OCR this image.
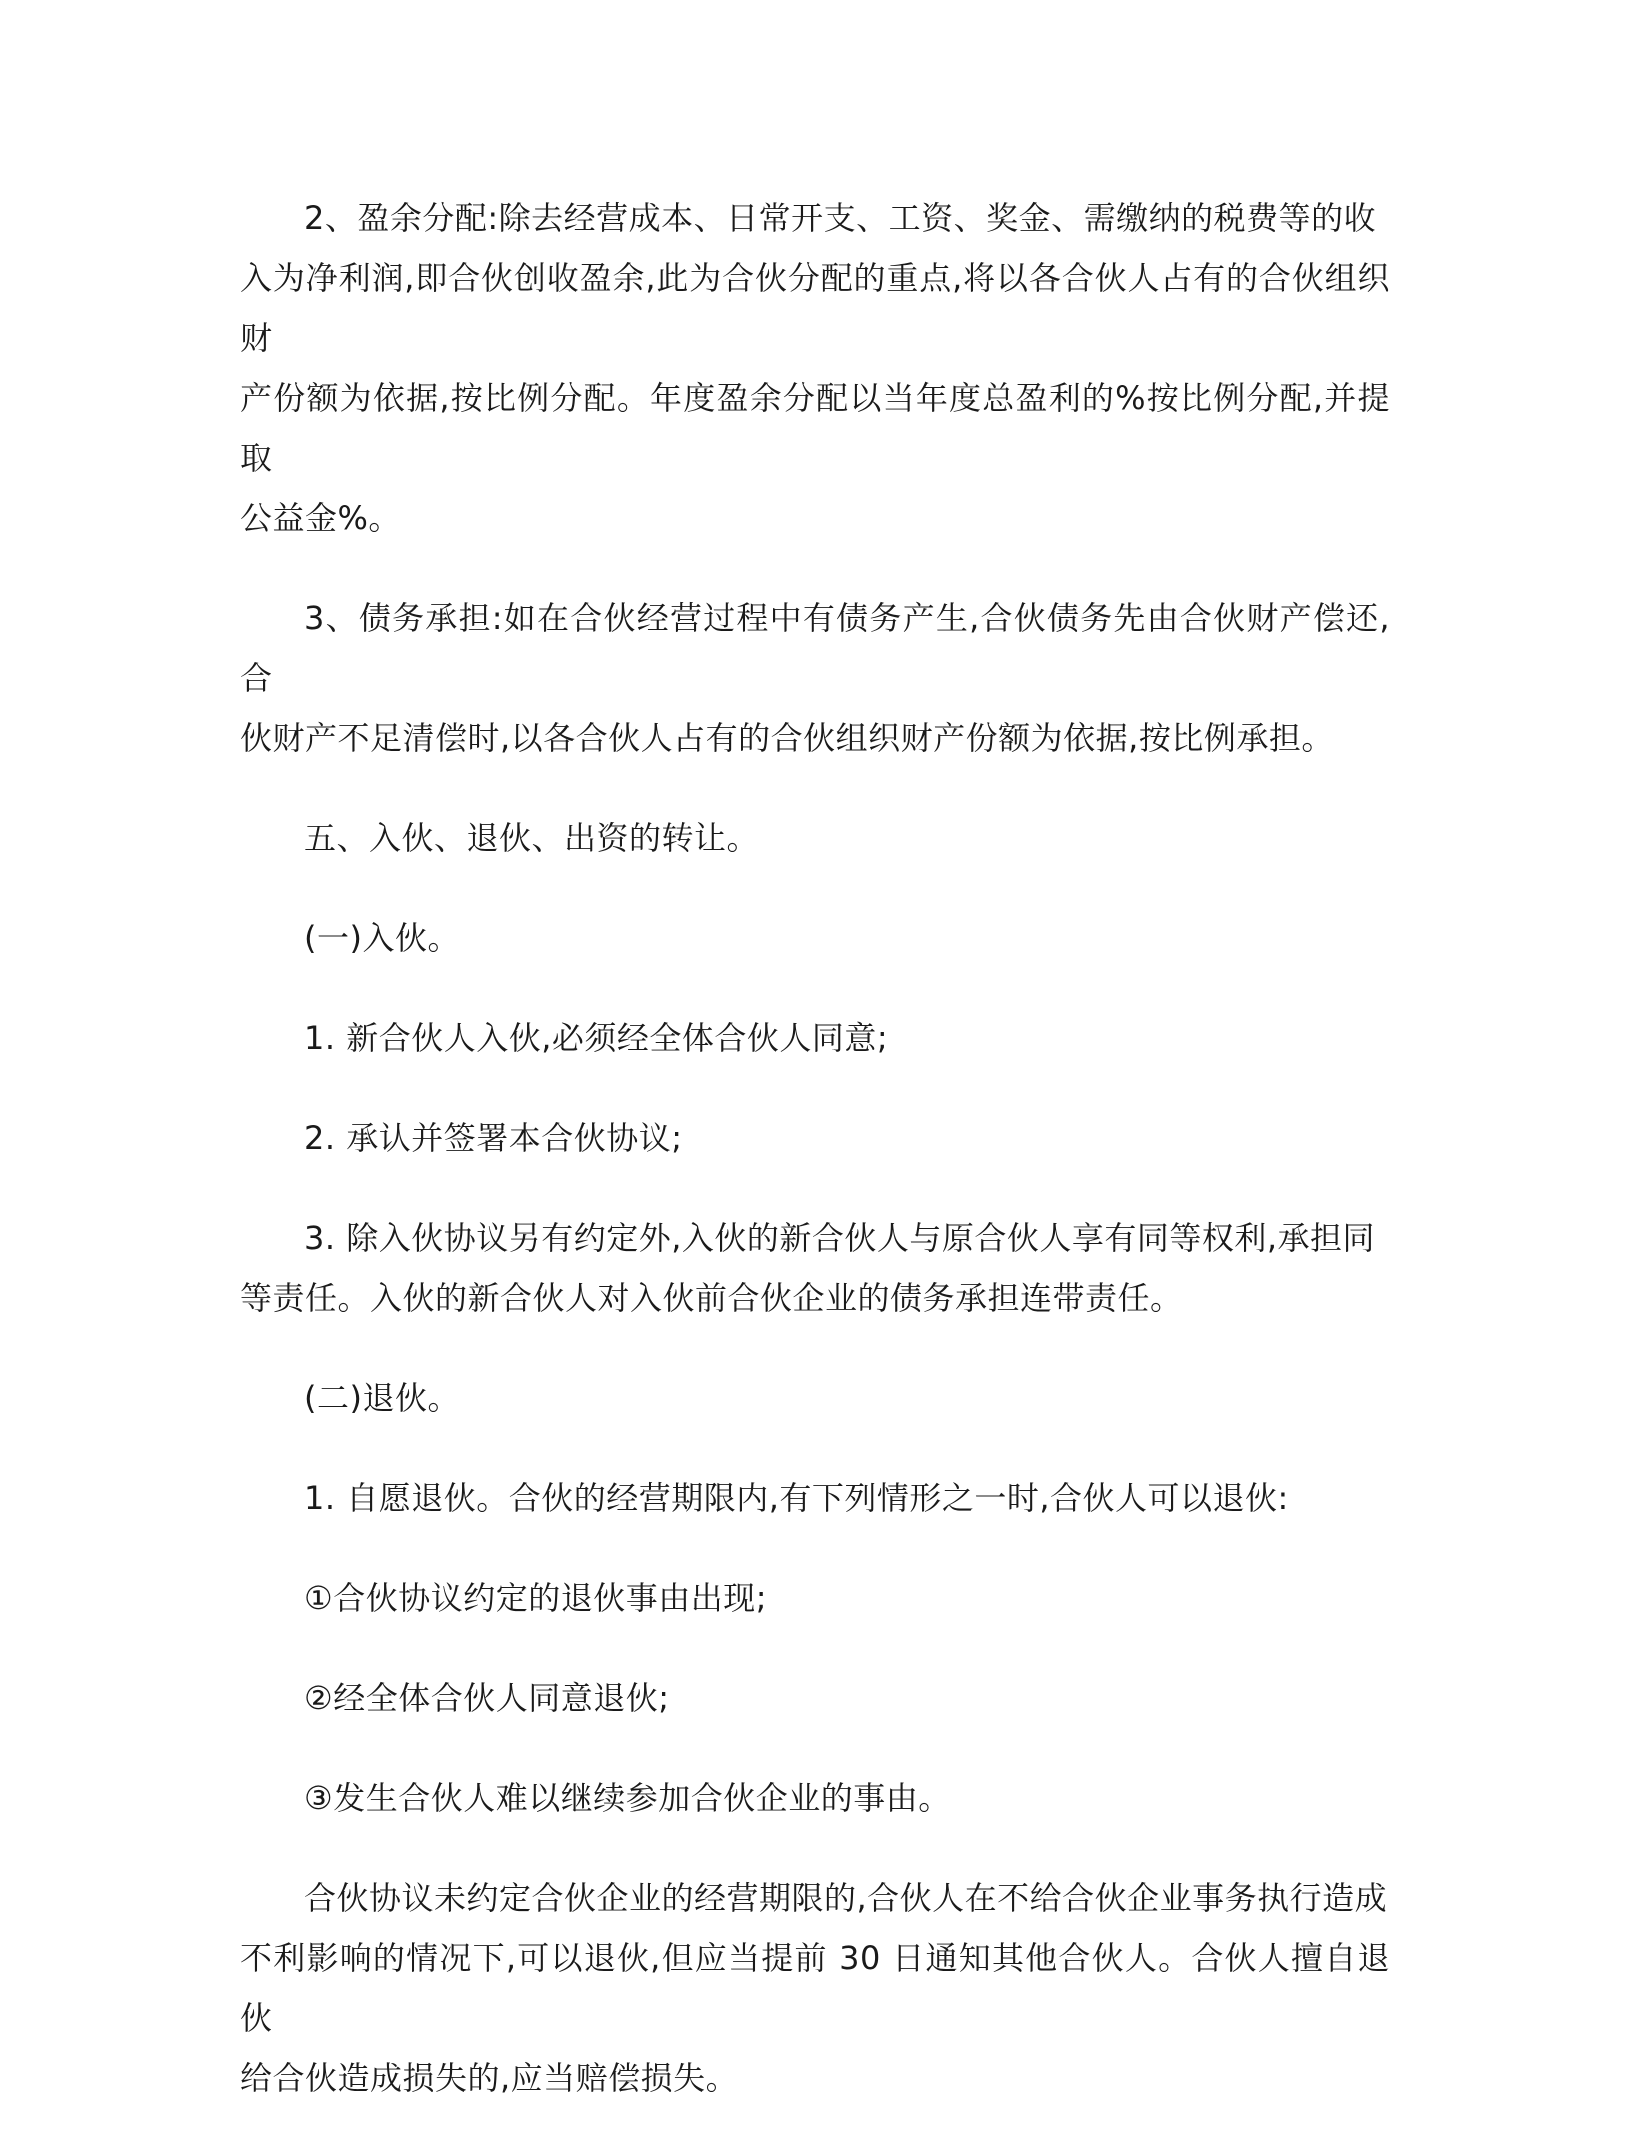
2、盈余分配:除去经营成本、日常开支、工资、奖金、需缴纳的税费等的收
入为净利润,即合伙创收盈余,此为合伙分配的重点,将以各合伙人占有的合伙组织财
产份额为依据,按比例分配。年度盈余分配以当年度总盈利的%按比例分配,并提取
公益金%。

3、债务承担:如在合伙经营过程中有债务产生,合伙债务先由合伙财产偿还,合
伙财产不足清偿时,以各合伙人占有的合伙组织财产份额为依据,按比例承担。

五、入伙、退伙、出资的转让。

(一)入伙。

1. 新合伙人入伙,必须经全体合伙人同意;

2. 承认并签署本合伙协议;

3. 除入伙协议另有约定外,入伙的新合伙人与原合伙人享有同等权利,承担同
等责任。入伙的新合伙人对入伙前合伙企业的债务承担连带责任。

(二)退伙。

1. 自愿退伙。合伙的经营期限内,有下列情形之一时,合伙人可以退伙:

①合伙协议约定的退伙事由出现;

②经全体合伙人同意退伙;

③发生合伙人难以继续参加合伙企业的事由。

合伙协议未约定合伙企业的经营期限的,合伙人在不给合伙企业事务执行造成
不利影响的情况下,可以退伙,但应当提前 30 日通知其他合伙人。合伙人擅自退伙
给合伙造成损失的,应当赔偿损失。
